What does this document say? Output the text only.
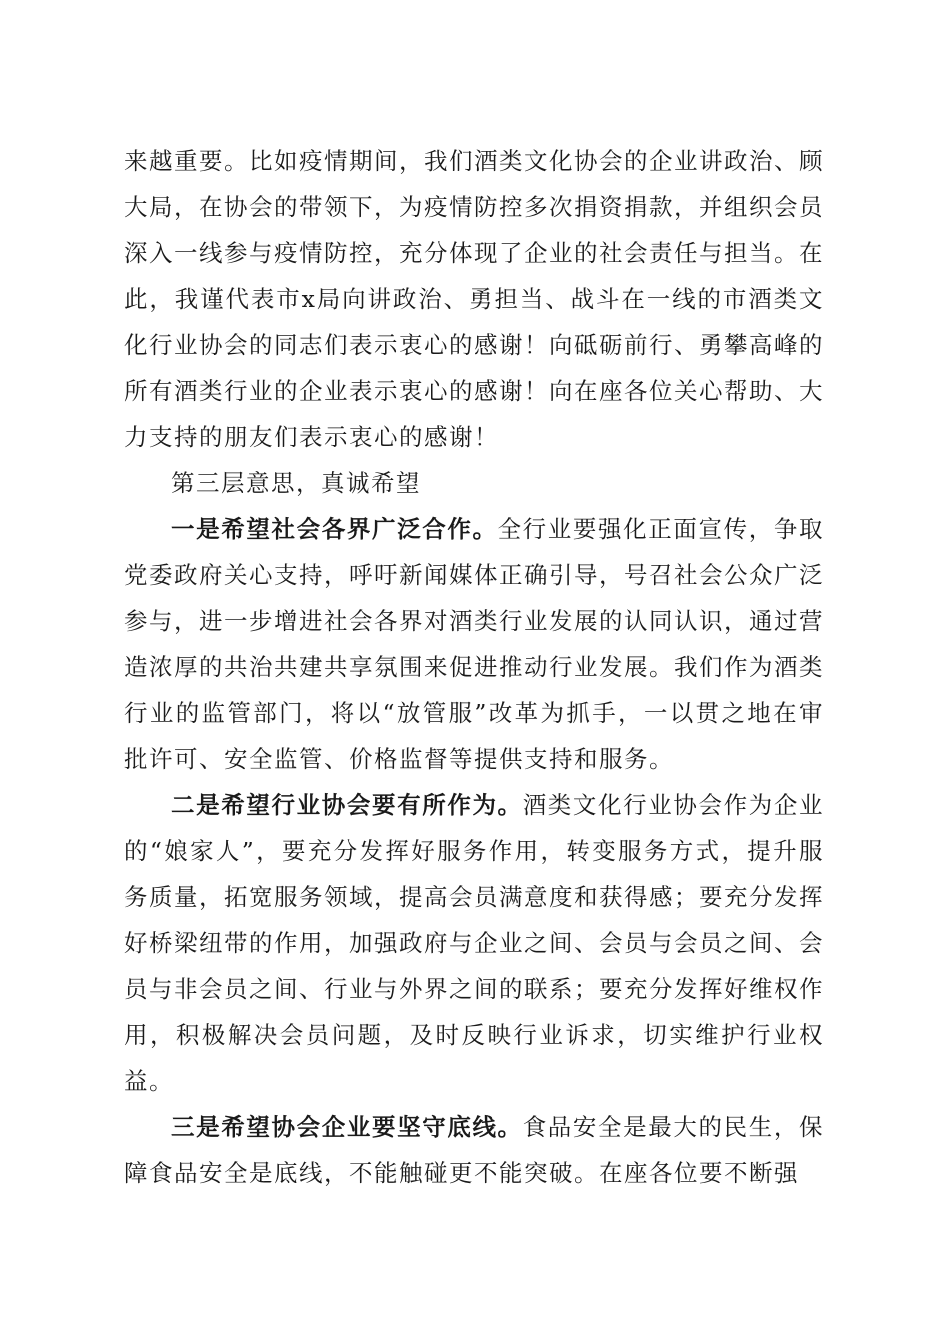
来越重要。比如疫情期间，我们酒类文化协会的企业讲政治、顾大局，在协会的带领下，为疫情防控多次捐资捐款，并组织会员深入一线参与疫情防控，充分体现了企业的社会责任与担当。在此，我谨代表市x局向讲政治、勇担当、战斗在一线的市酒类文化行业协会的同志们表示衷心的感谢！向砥砺前行、勇攀高峰的所有酒类行业的企业表示衷心的感谢！向在座各位关心帮助、大力支持的朋友们表示衷心的感谢！

第三层意思，真诚希望

一是希望社会各界广泛合作。全行业要强化正面宣传，争取党委政府关心支持，呼吁新闻媒体正确引导，号召社会公众广泛参与，进一步增进社会各界对酒类行业发展的认同认识，通过营造浓厚的共治共建共享氛围来促进推动行业发展。我们作为酒类行业的监管部门，将以“放管服”改革为抓手，一以贯之地在审批许可、安全监管、价格监督等提供支持和服务。

二是希望行业协会要有所作为。酒类文化行业协会作为企业的“娘家人”，要充分发挥好服务作用，转变服务方式，提升服务质量，拓宽服务领域，提高会员满意度和获得感；要充分发挥好桥梁纽带的作用，加强政府与企业之间、会员与会员之间、会员与非会员之间、行业与外界之间的联系；要充分发挥好维权作用，积极解决会员问题，及时反映行业诉求，切实维护行业权益。

三是希望协会企业要坚守底线。食品安全是最大的民生，保障食品安全是底线，不能触碰更不能突破。在座各位要不断强
